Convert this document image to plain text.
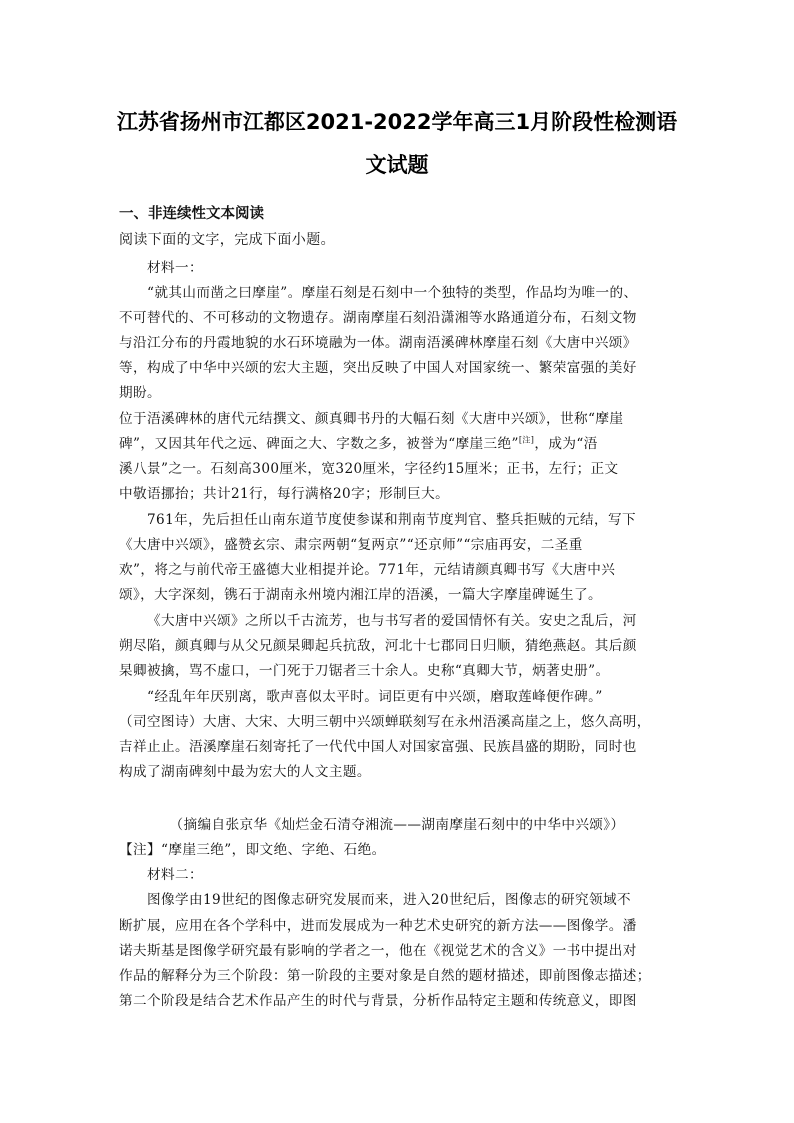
江苏省扬州市江都区2021-2022学年高三1月阶段性检测语
文试题
一、非连续性文本阅读
阅读下面的文字，完成下面小题。
材料一：
“就其山而凿之曰摩崖”。摩崖石刻是石刻中一个独特的类型，作品均为唯一的、
不可替代的、不可移动的文物遗存。湖南摩崖石刻沿潇湘等水路通道分布，石刻文物
与沿江分布的丹霞地貌的水石环境融为一体。湖南浯溪碑林摩崖石刻《大唐中兴颂》
等，构成了中华中兴颂的宏大主题，突出反映了中国人对国家统一、繁荣富强的美好
期盼。
位于浯溪碑林的唐代元结撰文、颜真卿书丹的大幅石刻《大唐中兴颂》，世称“摩崖
碑”，又因其年代之远、碑面之大、字数之多，被誉为“摩崖三绝”[注]，成为“浯
溪八景”之一。石刻高300厘米，宽320厘米，字径约15厘米；正书，左行；正文
中敬语挪抬；共计21行，每行满格20字；形制巨大。
761年，先后担任山南东道节度使参谋和荆南节度判官、整兵拒贼的元结，写下
《大唐中兴颂》，盛赞玄宗、肃宗两朝“复两京”“还京师”“宗庙再安，二圣重
欢”，将之与前代帝王盛德大业相提并论。771年，元结请颜真卿书写《大唐中兴
颂》，大字深刻，镌石于湖南永州境内湘江岸的浯溪，一篇大字摩崖碑诞生了。
《大唐中兴颂》之所以千古流芳，也与书写者的爱国情怀有关。安史之乱后，河
朔尽陷，颜真卿与从父兄颜杲卿起兵抗敌，河北十七郡同日归顺，猜绝燕赵。其后颜
杲卿被擒，骂不虚口，一门死于刀锯者三十余人。史称“真卿大节，炳著史册”。
“经乱年年厌别离，歌声喜似太平时。词臣更有中兴颂，磨取莲峰便作碑。”
（司空图诗）大唐、大宋、大明三朝中兴颂蝉联刻写在永州浯溪高崖之上，悠久高明，
吉祥止止。浯溪摩崖石刻寄托了一代代中国人对国家富强、民族昌盛的期盼，同时也
构成了湖南碑刻中最为宏大的人文主题。
（摘编自张京华《灿烂金石清夺湘流——湖南摩崖石刻中的中华中兴颂》）
【注】“摩崖三绝”，即文绝、字绝、石绝。
材料二：
图像学由19世纪的图像志研究发展而来，进入20世纪后，图像志的研究领域不
断扩展，应用在各个学科中，进而发展成为一种艺术史研究的新方法——图像学。潘
诺夫斯基是图像学研究最有影响的学者之一，他在《视觉艺术的含义》一书中提出对
作品的解释分为三个阶段：第一阶段的主要对象是自然的题材描述，即前图像志描述；
第二个阶段是结合艺术作品产生的时代与背景，分析作品特定主题和传统意义，即图
